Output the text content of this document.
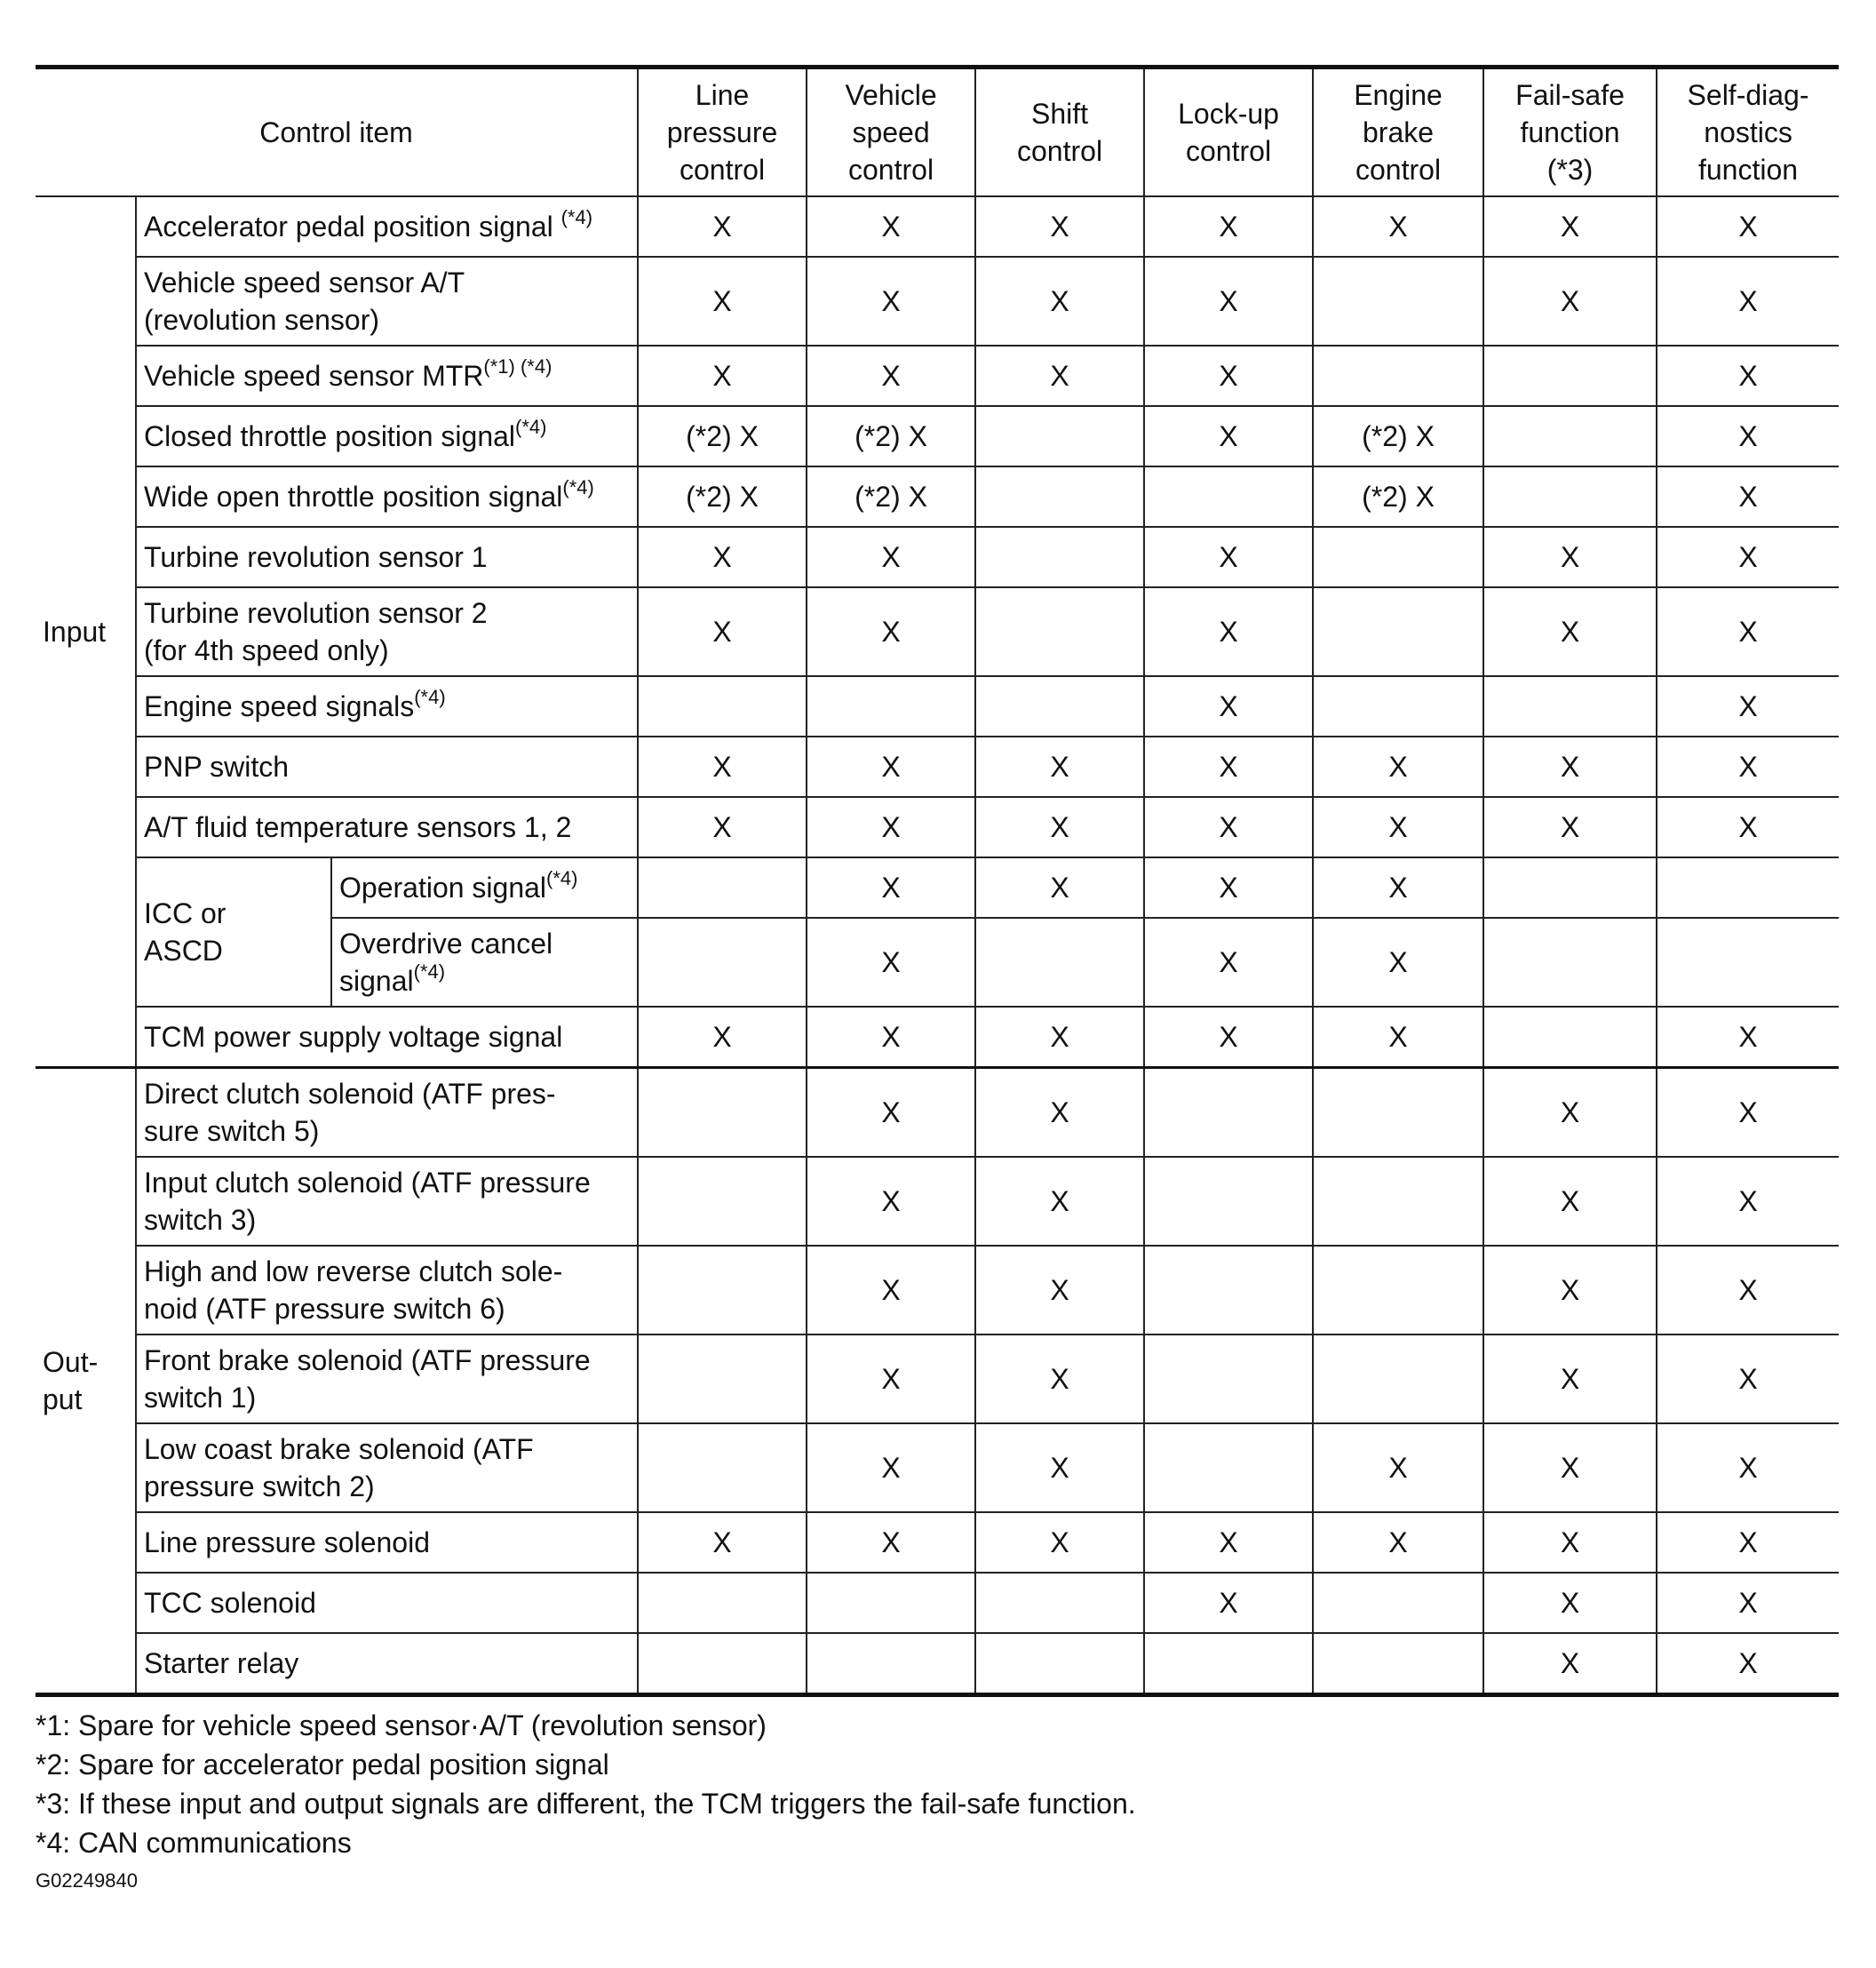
Control item			Line
pressure
control	Vehicle
speed
control	Shift
control	Lock-up
control	Engine
brake
control	Fail-safe
function
(*3)	Self-diag-
nostics
function
Input	Accelerator pedal position signal $^{(*4)}$		X	X	X	X	X	X	X
	Vehicle speed sensor A/T
(revolution sensor)		X	X	X	X		X	X
	Vehicle speed sensor $MTR^{(*1) (*4)}$		X	X	X	X			X
	Closed throttle position signal$^{(*4)}$		(*2) X	(*2) X		X	(*2) X		X
	Wide open throttle position signal$^{(*4)}$		(*2) X	(*2) X			(*2) X		X
	Turbine revolution sensor 1		X	X		X		X	X
	Turbine revolution sensor 2
(for 4th speed only)		X	X		X		X	X
	Engine speed signals$^{(*4)}$					X			X
	PNP switch		X	X	X	X	X	X	X
	A/T fluid temperature sensors 1, 2		X	X	X	X	X	X	X
	ICC or
ASCD	Operation signal$^{(*4)}$		X	X	X	X		
		Overdrive cancel
signal$^{(*4)}$		X		X	X		
	TCM power supply voltage signal		X	X	X	X	X		X
Out-
put	Direct clutch solenoid (ATF pres-
sure switch 5)			X	X			X	X
	Input clutch solenoid (ATF pressure
switch 3)			X	X			X	X
	High and low reverse clutch sole-
noid (ATF pressure switch 6)			X	X			X	X
	Front brake solenoid (ATF pressure
switch 1)			X	X			X	X
	Low coast brake solenoid (ATF
pressure switch 2)			X	X		X	X	X
	Line pressure solenoid		X	X	X	X	X	X	X
	TCC solenoid					X		X	X
	Starter relay							X	X
*1: Spare for vehicle speed sensor·A/T (revolution sensor)
*2: Spare for accelerator pedal position signal
*3: If these input and output signals are different, the TCM triggers the fail-safe function.
*4: CAN communications
G02249840
